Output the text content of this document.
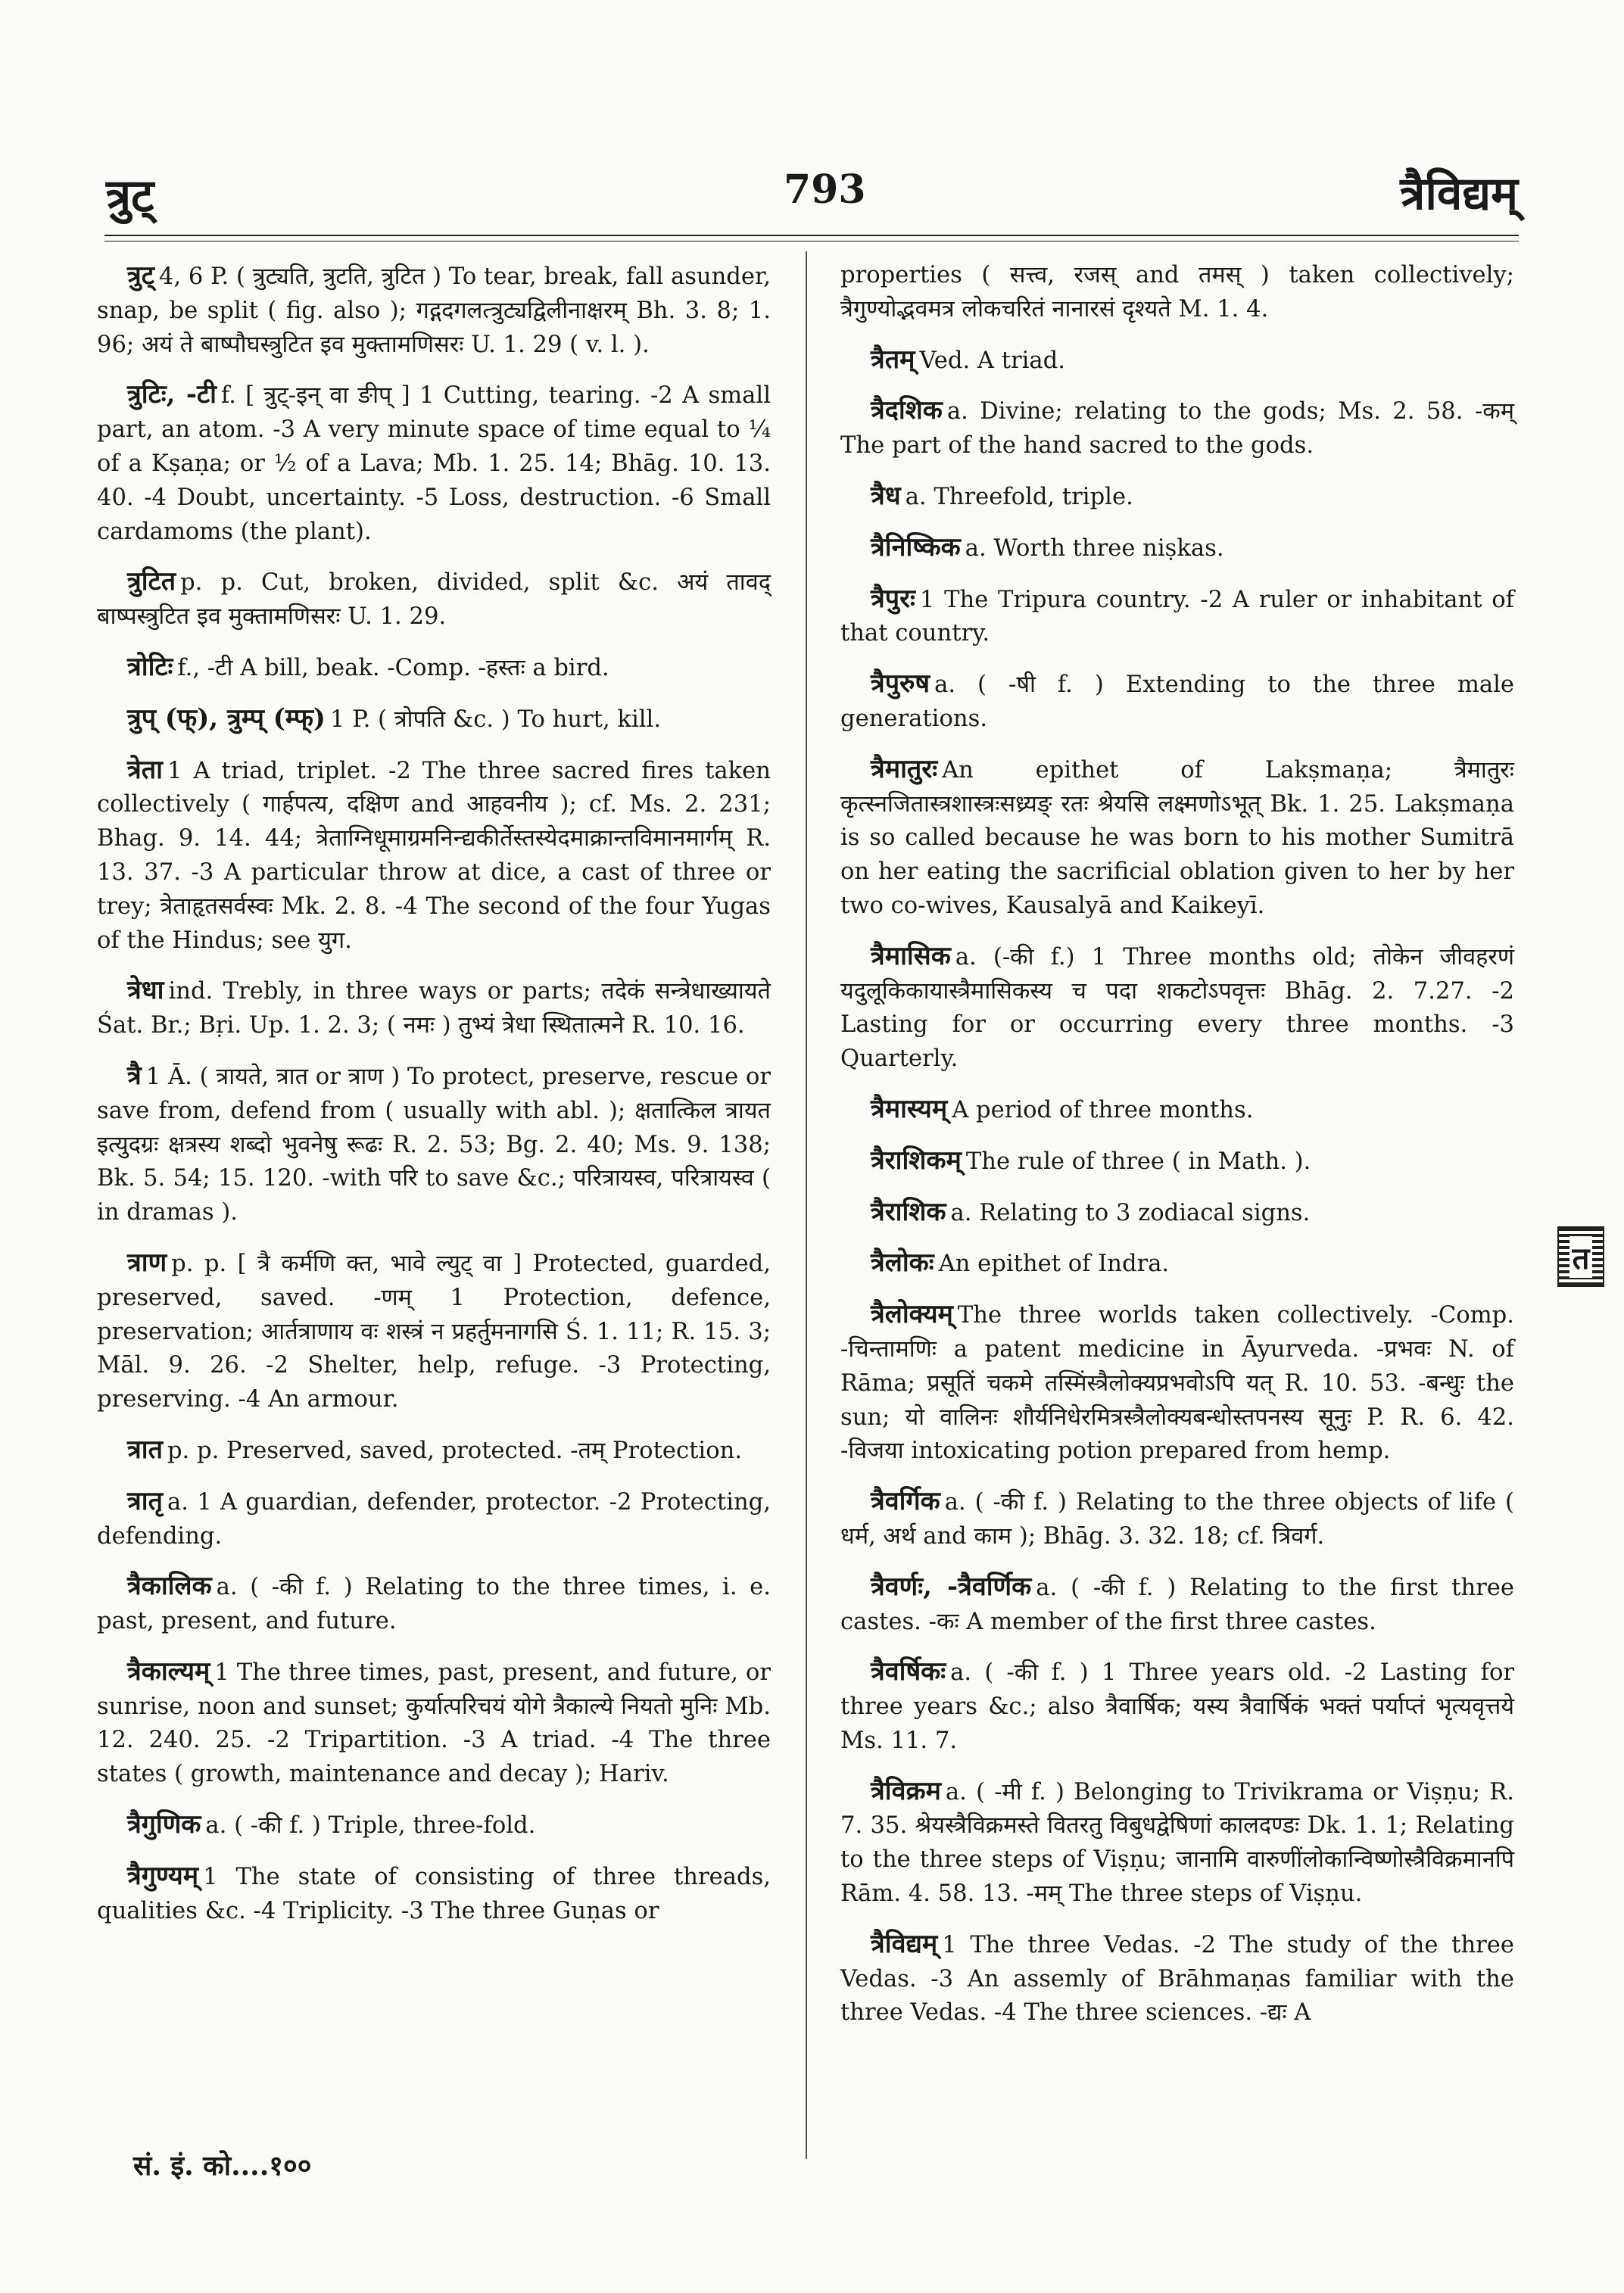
त्रुट्	793	त्रैविद्यम्

त्रुट् 4, 6 P. ( त्रुट्यति, त्रुटति, त्रुटित ) To tear, break, fall asunder, snap, be split ( fig. also ); गद्गदगलत्त्रुट्यद्विलीनाक्षरम् Bh. 3. 8; 1. 96; अयं ते बाष्पौघस्त्रुटित इव मुक्तामणिसरः U. 1. 29 ( v. l. ).

त्रुटिः, -टी f. [ त्रुट्-इन् वा ङीप् ] 1 Cutting, tearing. -2 A small part, an atom. -3 A very minute space of time equal to ¼ of a Kṣaṇa; or ½ of a Lava; Mb. 1. 25. 14; Bhāg. 10. 13. 40. -4 Doubt, uncertainty. -5 Loss, destruction. -6 Small cardamoms (the plant).

त्रुटित p. p. Cut, broken, divided, split &c. अयं तावद् बाष्पस्त्रुटित इव मुक्तामणिसरः U. 1. 29.

त्रोटिः f., -टी A bill, beak. -Comp. -हस्तः a bird.

त्रुप् (फ्), त्रुम्प् (म्फ्) 1 P. ( त्रोपति &c. ) To hurt, kill.

त्रेता 1 A triad, triplet. -2 The three sacred fires taken collectively ( गार्हपत्य, दक्षिण and आहवनीय ); cf. Ms. 2. 231; Bhag. 9. 14. 44; त्रेताग्निधूमाग्रमनिन्द्यकीर्तेस्तस्येदमाक्रान्तविमानमार्गम् R. 13. 37. -3 A particular throw at dice, a cast of three or trey; त्रेताहृतसर्वस्वः Mk. 2. 8. -4 The second of the four Yugas of the Hindus; see युग.

त्रेधा ind. Trebly, in three ways or parts; तदेकं सन्त्रेधाख्यायते Śat. Br.; Bṛi. Up. 1. 2. 3; ( नमः ) तुभ्यं त्रेधा स्थितात्मने R. 10. 16.

त्रै 1 Ā. ( त्रायते, त्रात or त्राण ) To protect, preserve, rescue or save from, defend from ( usually with abl. ); क्षतात्किल त्रायत इत्युदग्रः क्षत्रस्य शब्दो भुवनेषु रूढः R. 2. 53; Bg. 2. 40; Ms. 9. 138; Bk. 5. 54; 15. 120. -with परि to save &c.; परित्रायस्व, परित्रायस्व ( in dramas ).

त्राण p. p. [ त्रै कर्मणि क्त, भावे ल्युट् वा ] Protected, guarded, preserved, saved. -णम् 1 Protection, defence, preservation; आर्तत्राणाय वः शस्त्रं न प्रहर्तुमनागसि Ś. 1. 11; R. 15. 3; Māl. 9. 26. -2 Shelter, help, refuge. -3 Protecting, preserving. -4 An armour.

त्रात p. p. Preserved, saved, protected. -तम् Protection.

त्रातृ a. 1 A guardian, defender, protector. -2 Protecting, defending.

त्रैकालिक a. ( -की f. ) Relating to the three times, i. e. past, present, and future.

त्रैकाल्यम् 1 The three times, past, present, and future, or sunrise, noon and sunset; कुर्यात्परिचयं योगे त्रैकाल्ये नियतो मुनिः Mb. 12. 240. 25. -2 Tripartition. -3 A triad. -4 The three states ( growth, maintenance and decay ); Hariv.

त्रैगुणिक a. ( -की f. ) Triple, three-fold.

त्रैगुण्यम् 1 The state of consisting of three threads, qualities &c. -4 Triplicity. -3 The three Guṇas or

properties ( सत्त्व, रजस् and तमस् ) taken collectively; त्रैगुण्योद्भवमत्र लोकचरितं नानारसं दृश्यते M. 1. 4.

त्रैतम् Ved. A triad.

त्रैदशिक a. Divine; relating to the gods; Ms. 2. 58. -कम् The part of the hand sacred to the gods.

त्रैध a. Threefold, triple.

त्रैनिष्किक a. Worth three niṣkas.

त्रैपुरः 1 The Tripura country. -2 A ruler or inhabitant of that country.

त्रैपुरुष a. ( -षी f. ) Extending to the three male generations.

त्रैमातुरः An epithet of Lakṣmaṇa; त्रैमातुरः कृत्स्नजितास्त्रशास्त्रःसध्र्यङ् रतः श्रेयसि लक्ष्मणोऽभूत् Bk. 1. 25. Lakṣmaṇa is so called because he was born to his mother Sumitrā on her eating the sacrificial oblation given to her by her two co-wives, Kausalyā and Kaikeyī.

त्रैमासिक a. (-की f.) 1 Three months old; तोकेन जीवहरणं यदुलूकिकायास्त्रैमासिकस्य च पदा शकटोऽपवृत्तः Bhāg. 2. 7.27. -2 Lasting for or occurring every three months. -3 Quarterly.

त्रैमास्यम् A period of three months.

त्रैराशिकम् The rule of three ( in Math. ).

त्रैराशिक a. Relating to 3 zodiacal signs.

त्रैलोकः An epithet of Indra.

त्रैलोक्यम् The three worlds taken collectively. -Comp. -चिन्तामणिः a patent medicine in Āyurveda. -प्रभवः N. of Rāma; प्रसूतिं चकमे तस्मिंस्त्रैलोक्यप्रभवोऽपि यत् R. 10. 53. -बन्धुः the sun; यो वालिनः शौर्यनिधेरमित्रस्त्रैलोक्यबन्धोस्तपनस्य सूनुः P. R. 6. 42. -विजया intoxicating potion prepared from hemp.

त्रैवर्गिक a. ( -की f. ) Relating to the three objects of life ( धर्म, अर्थ and काम ); Bhāg. 3. 32. 18; cf. त्रिवर्ग.

त्रैवर्णः, -त्रैवर्णिक a. ( -की f. ) Relating to the first three castes. -कः A member of the first three castes.

त्रैवर्षिकः a. ( -की f. ) 1 Three years old. -2 Lasting for three years &c.; also त्रैवार्षिक; यस्य त्रैवार्षिकं भक्तं पर्याप्तं भृत्यवृत्तये Ms. 11. 7.

त्रैविक्रम a. ( -मी f. ) Belonging to Trivikrama or Viṣṇu; R. 7. 35. श्रेयस्त्रैविक्रमस्ते वितरतु विबुधद्वेषिणां कालदण्डः Dk. 1. 1; Relating to the three steps of Viṣṇu; जानामि वारुणींलोकान्विष्णोस्त्रैविक्रमानपि Rām. 4. 58. 13. -मम् The three steps of Viṣṇu.

त्रैविद्यम् 1 The three Vedas. -2 The study of the three Vedas. -3 An assemly of Brāhmaṇas familiar with the three Vedas. -4 The three sciences. -द्यः A

त
सं. इं. को....१००
